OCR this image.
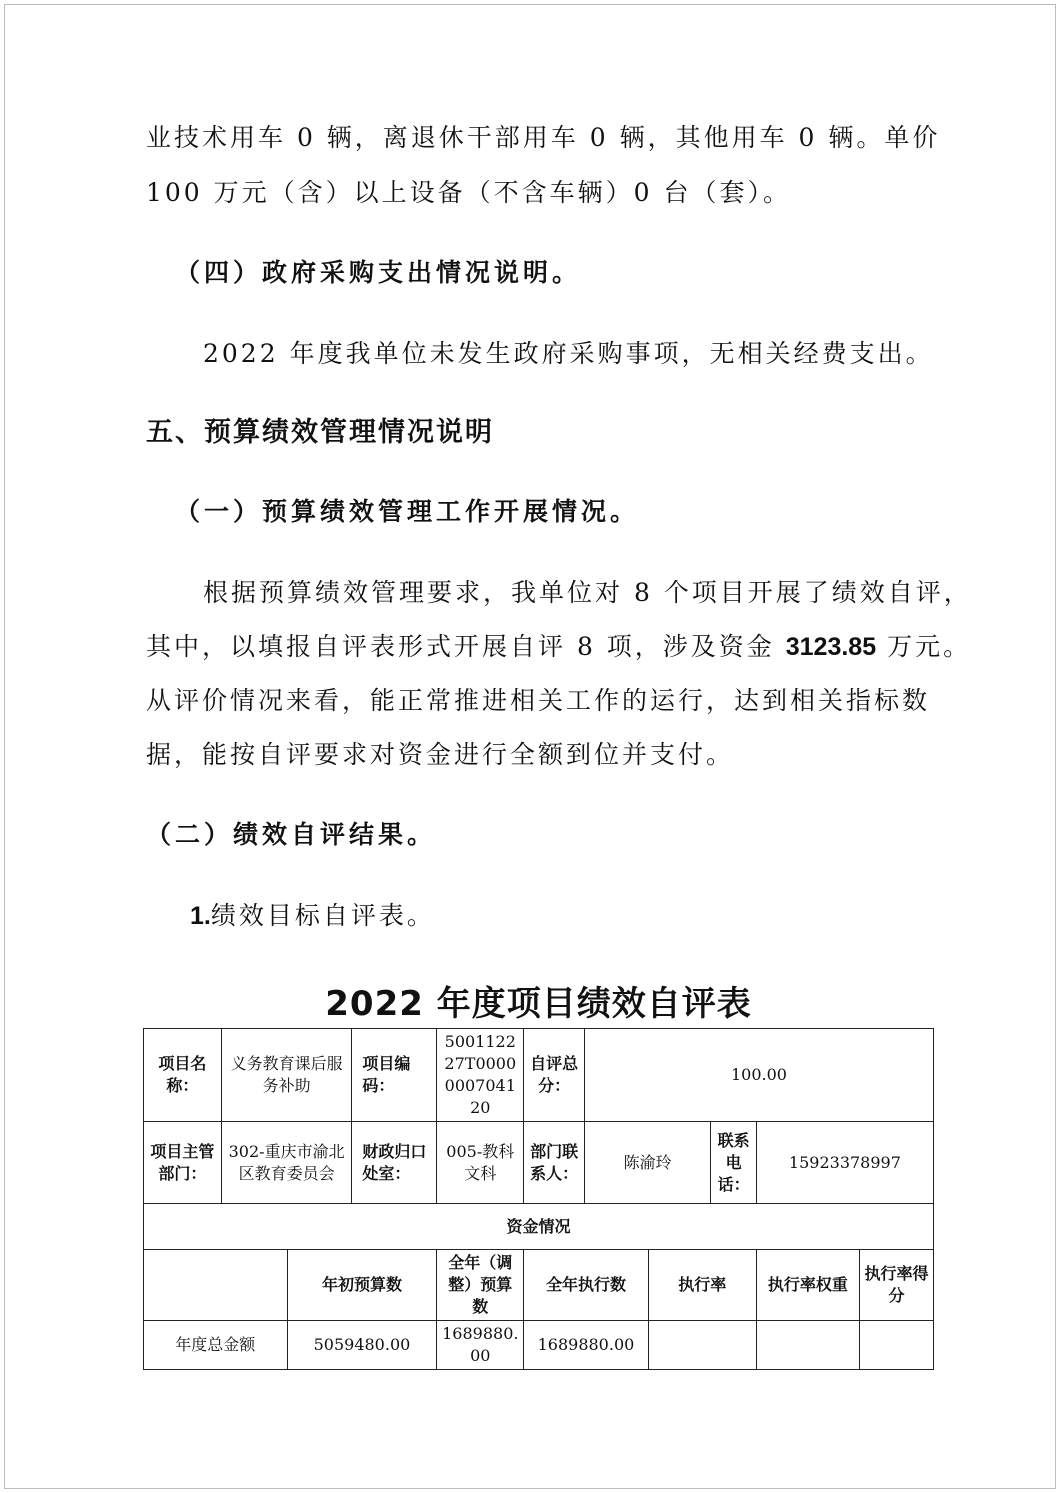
业技术用车 0 辆，离退休干部用车 0 辆，其他用车 0 辆。单价
100 万元（含）以上设备（不含车辆）0 台（套）。
（四）政府采购支出情况说明。
2022 年度我单位未发生政府采购事项，无相关经费支出。
五、预算绩效管理情况说明
（一）预算绩效管理工作开展情况。
根据预算绩效管理要求，我单位对 8 个项目开展了绩效自评，
其中，以填报自评表形式开展自评 8 项，涉及资金 3123.85 万元。
从评价情况来看，能正常推进相关工作的运行，达到相关指标数
据，能按自评要求对资金进行全额到位并支付。
（二）绩效自评结果。
1.绩效目标自评表。
2022 年度项目绩效自评表
项目名称：	义务教育课后服务补助		项目编码：	500112227T0000000704120	自评总分：	100.00				
项目主管部门：	302-重庆市渝北区教育委员会		财政归口处室：	005-教科文科	部门联系人：	陈渝玲		联系电话：	15923378997	
资金情况										
		年初预算数		全年（调整）预算数	全年执行数		执行率		执行率权重	执行率得分
年度总金额		5059480.00		1689880.00	1689880.00					
